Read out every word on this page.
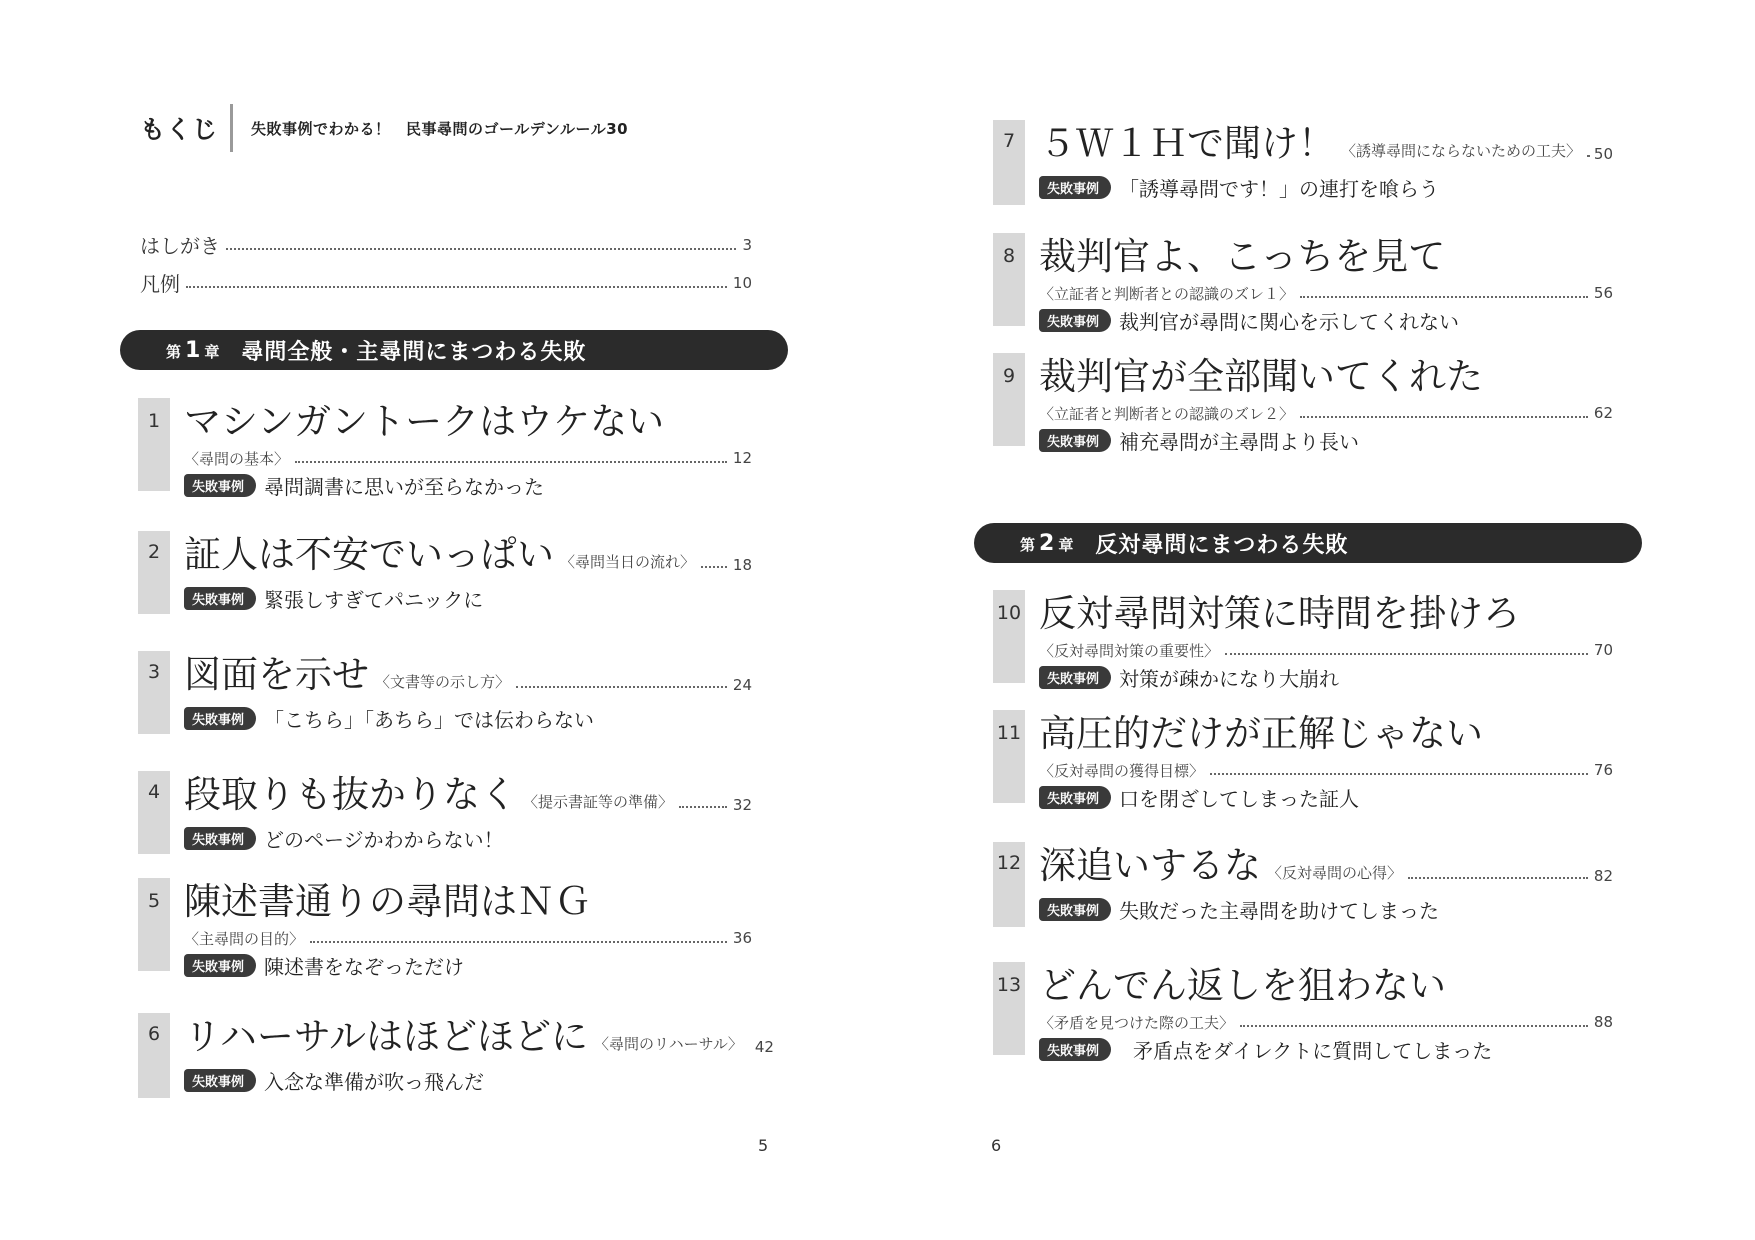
もくじ 失敗事例でわかる！　民事尋問のゴールデンルール30
はしがき	3
凡例	10
第 1 章 尋問全般・主尋問にまつわる失敗
1 マシンガントークはウケない
〈尋問の基本〉	12
失敗事例	尋問調書に思いが至らなかった
2 証人は不安でいっぱい 〈尋問当日の流れ〉	18
失敗事例	緊張しすぎてパニックに
3 図面を示せ 〈文書等の示し方〉	24
失敗事例	「こちら」「あちら」では伝わらない
4 段取りも抜かりなく 〈提示書証等の準備〉	32
失敗事例	どのページかわからない！
5 陳述書通りの尋問はＮＧ
〈主尋問の目的〉	36
失敗事例	陳述書をなぞっただけ
6 リハーサルはほどほどに 〈尋問のリハーサル〉 42
失敗事例	入念な準備が吹っ飛んだ
5
7 ５Ｗ１Ｈで聞け！ 〈誘導尋問にならないための工夫〉 50
失敗事例	「誘導尋問です！」の連打を喰らう
8 裁判官よ、こっちを見て
〈立証者と判断者との認識のズレ１〉	56
失敗事例	裁判官が尋問に関心を示してくれない
9 裁判官が全部聞いてくれた
〈立証者と判断者との認識のズレ２〉	62
失敗事例	補充尋問が主尋問より長い
第 2 章 反対尋問にまつわる失敗
10 反対尋問対策に時間を掛けろ
〈反対尋問対策の重要性〉	70
失敗事例	対策が疎かになり大崩れ
11 高圧的だけが正解じゃない
〈反対尋問の獲得目標〉	76
失敗事例	口を閉ざしてしまった証人
12 深追いするな 〈反対尋問の心得〉	82
失敗事例	失敗だった主尋問を助けてしまった
13 どんでん返しを狙わない
〈矛盾を見つけた際の工夫〉	88
失敗事例	矛盾点をダイレクトに質問してしまった
6
